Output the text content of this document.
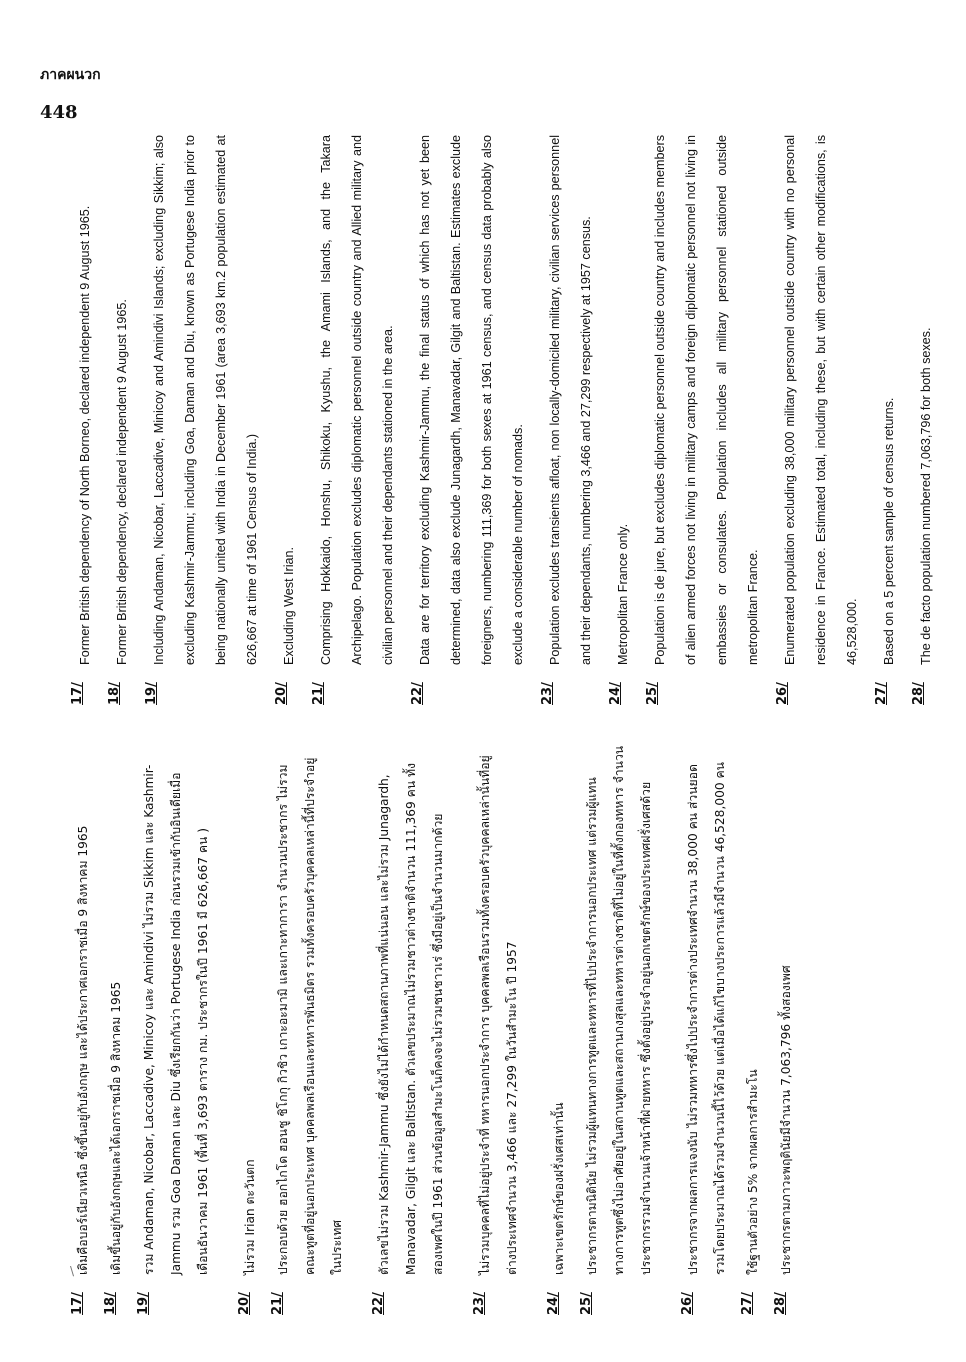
ภาคผนวก
448
\
17/
เดิมคือบอร์เนียวเหนือ ซึ่งขึ้นอยู่กับอังกฤษ และได้ประกาศเอกราชเมื่อ 9 สิงหาคม 1965
18/
เดิมขึ้นอยู่กับอังกฤษและได้เอกราชเมื่อ 9 สิงหาคม 1965
19/
รวม Andaman, Nicobar, Laccadive, Minicoy และ Amindivi ไม่รวม Sikkim และ Kashmir-Jammu รวม Goa Daman และ Diu ซึ่งเรียกกันว่า Portugese India ก่อนรวมเข้ากับอินเดียเมื่อเดือนธันวาคม 1961 (พื้นที่ 3,693 ตาราง กม. ประชากรในปี 1961 มี 626,667 คน )
20/
ไม่รวม Irian ตะวันตก
21/
ประกอบด้วย ฮอกไกโด ฮอนชู ชิโกกุ กิวชิว เกาะอะมามิ และเกาะทาการา จำนวนประชากร ไม่รวมคณะทูตที่อยู่นอกประเทศ บุคคลพลเรือนและทหารพันธมิตร รวมทั้งครอบครัวบุคคลเหล่านี้ที่ประจำอยู่ในประเทศ
22/
ตัวเลขไม่รวม Kashmir-Jammu ซึ่งยังไม่ได้กำหนดสถานภาพที่แน่นอน และไม่รวม Junagardh, Manavadar, Gilgit และ Baltistan. ตัวเลขประมาณไม่รวมชาวต่างชาติจำนวน 111,369 คน ทั้งสองเพศในปี 1961 ส่วนข้อมูลสำมะโนก็คงจะไม่รวมชนชาวเร่ ซึ่งมีอยู่เป็นจำนวนมากด้วย
23/
ไม่รวมบุคคลที่ไม่อยู่ประจำที่ ทหารนอกประจำการ บุคคลพลเรือนรวมทั้งครอบครัวบุคคลเหล่านั้นที่อยู่ต่างประเทศจำนวน 3,466 และ 27,299 ในวันสำมะโน ปี 1957
24/
เฉพาะเขตรักษ์ของฝรั่งเศสเท่านั้น
25/
ประชากรตามนิตินัย ไม่รวมผู้แทนทางการทูตและทหารที่ไปประจำการนอกประเทศ แต่รวมผู้แทนทางการทูตซึ่งไม่อาศัยอยู่ในสถานทูตและสถานกงสุลและทหารต่างชาติที่ไม่อยู่ในที่ตั้งกองทหาร จำนวนประชากรรวมจำนวนเจ้าหน้าที่ฝ่ายทหาร ซึ่งตั้งอยู่ประจำอยู่นอกเขตรักษ์ของประเทศฝรั่งเศสด้วย
26/
ประชากรจากผลการแจงนับ ไม่รวมทหารซึ่งไปประจำการต่างประเทศจำนวน 38,000 คน ส่วนยอดรวมโดยประมาณได้รวมจำนวนนี้ไว้ด้วย แต่เมื่อได้แก้ไขบางประการแล้วมีจำนวน 46,528,000 คน
27/
ใช้ฐานตัวอย่าง 5% จากผลการสำมะโน
28/
ประชากรตามภาวะพฤตินัยมีจำนวน 7,063,796 ทั้งสองเพศ
17/
Former British dependency of North Borneo, declared independent 9 August 1965.
18/
Former British dependency, declared independent 9 August 1965.
19/
Including Andaman, Nicobar, Laccadive, Minicoy and Amindivi Islands; excluding Sikkim; also excluding Kashmir-Jammu; including Goa, Daman and Diu, known as Portugese India prior to being nationally united with India in December 1961 (area 3,693 km.2 population estimated at 626,667 at time of 1961 Census of India.)
20/
Excluding West Irian.
21/
Comprising Hokkaido, Honshu, Shikoku, Kyushu, the Amami Islands, and the Takara Archipelago. Population excludes diplomatic personnel outside country and Allied military and civilian personnel and their dependants stationed in the area.
22/
Data are for territory excluding Kashmir-Jammu, the final status of which has not yet been determined, data also exclude Junagardh, Manavadar, Gilgit and Baltistan. Estimates exclude foreigners, numbering 111,369 for both sexes at 1961 census, and census data probably also exclude a considerable number of nomads.
23/
Population excludes transients afloat, non locally-domiciled military, civilian services personnel and their dependants, numbering 3,466 and 27,299 respectively at 1957 census.
24/
Metropolitan France only.
25/
Population is de jure, but excludes diplomatic personnel outside country and includes members of alien armed forces not living in military camps and foreign diplomatic personnel not living in embassies or consulates. Population includes all military personnel stationed outside metropolitan France.
26/
Enumerated population excluding 38,000 military personnel outside country with no personal residence in France. Estimated total, including these, but with certain other modifications, is 46,528,000.
27/
Based on a 5 percent sample of census returns.
28/
The de facto population numbered 7,063,796 for both sexes.
